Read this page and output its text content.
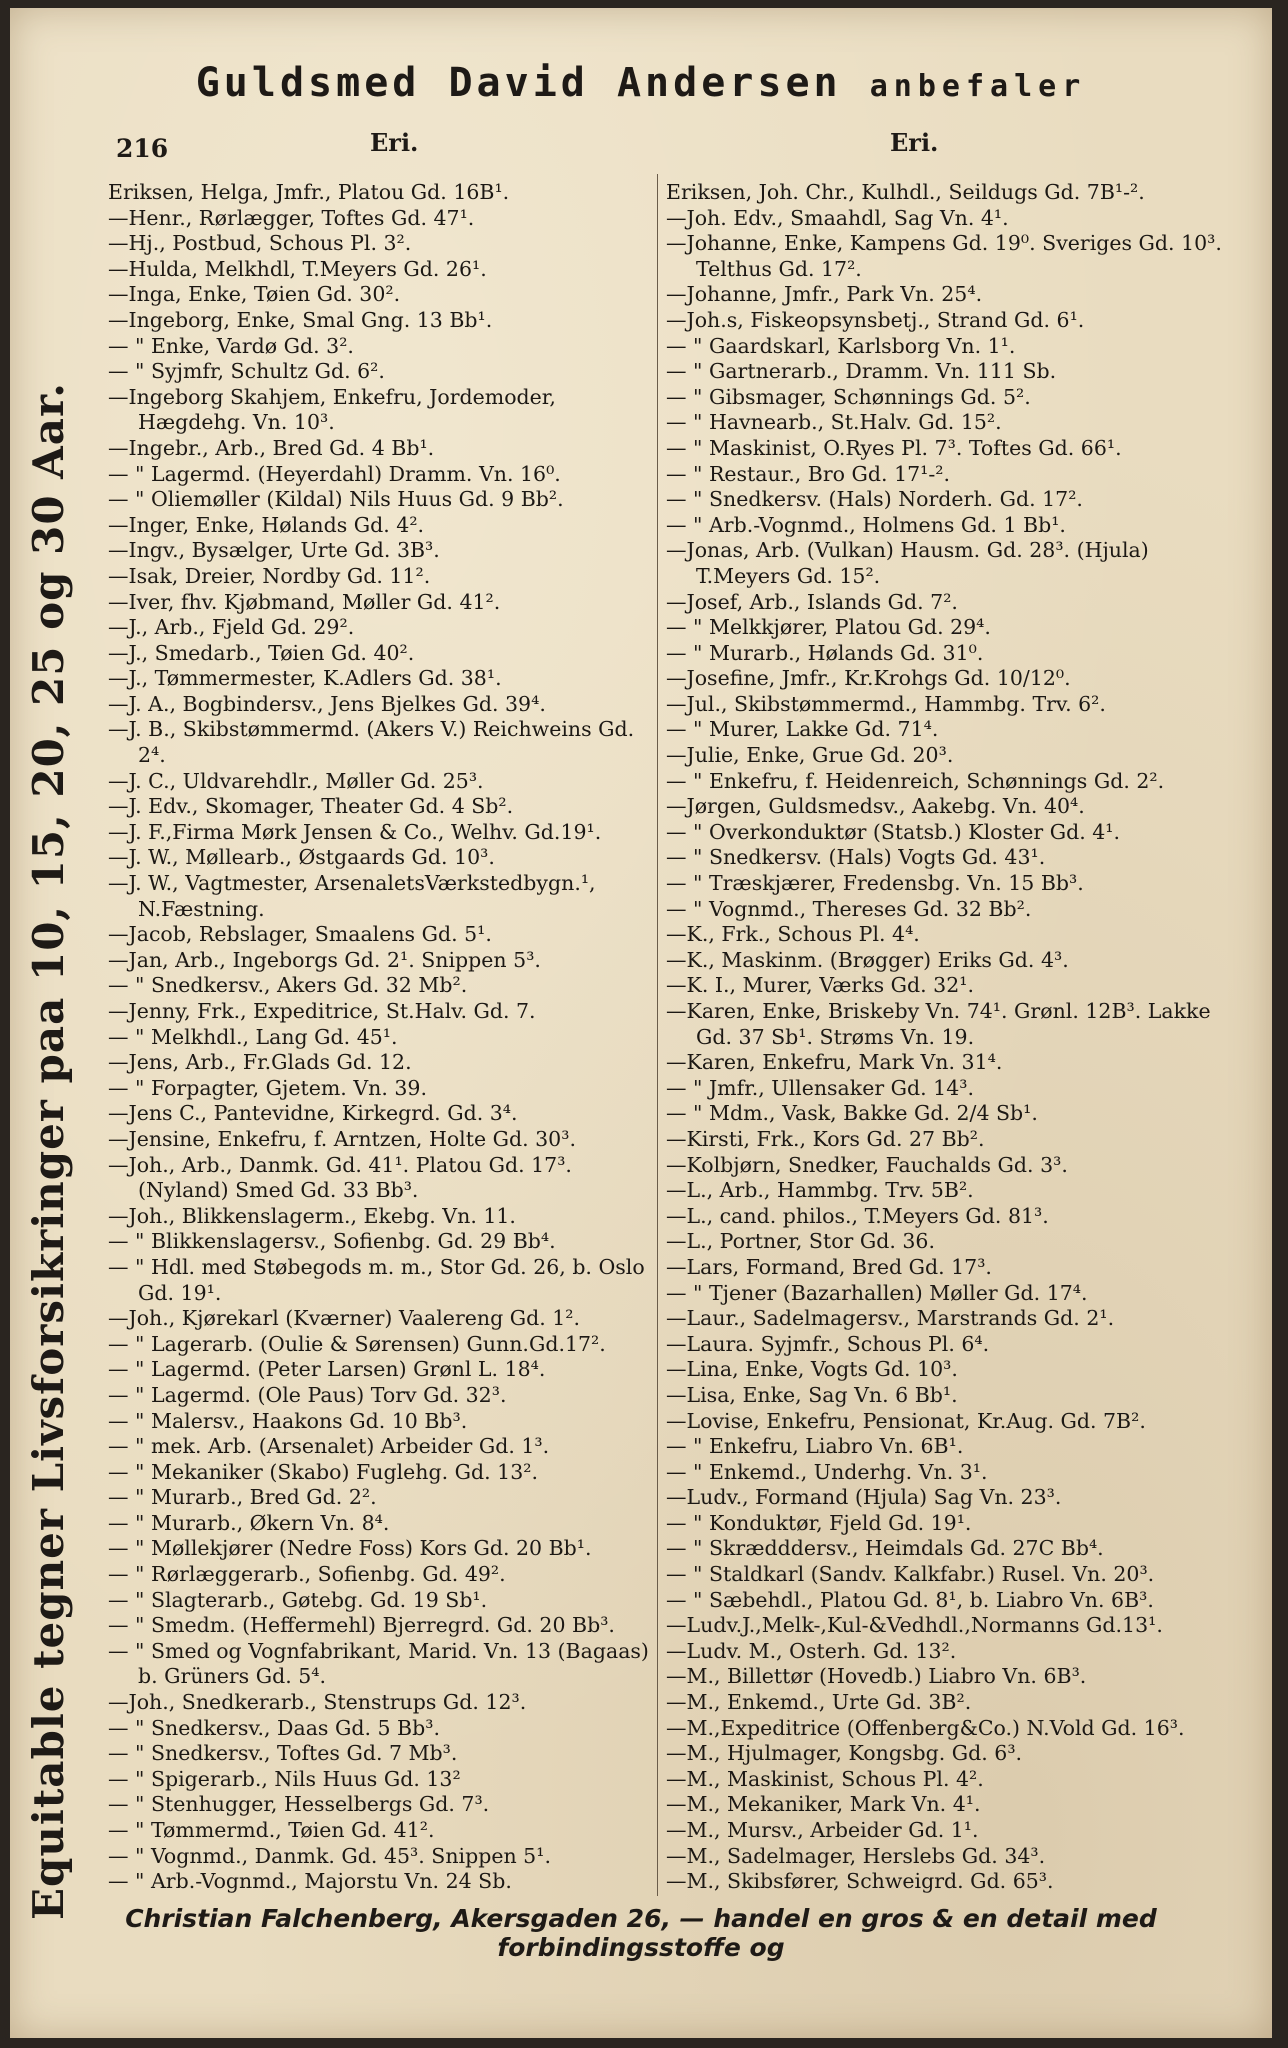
Guldsmed David Andersen anbefaler
216	Eri.	Eri.
Eriksen, Helga, Jmfr., Platou Gd. 16B¹.
—Henr., Rørlægger, Toftes Gd. 47¹.
—Hj., Postbud, Schous Pl. 3².
—Hulda, Melkhdl, T.Meyers Gd. 26¹.
—Inga, Enke, Tøien Gd. 30².
—Ingeborg, Enke, Smal Gng. 13 Bb¹.
— " Enke, Vardø Gd. 3².
— " Syjmfr, Schultz Gd. 6².
—Ingeborg Skahjem, Enkefru, Jordemoder, Hægdehg. Vn. 10³.
—Ingebr., Arb., Bred Gd. 4 Bb¹.
— " Lagermd. (Heyerdahl) Dramm. Vn. 16⁰.
— " Oliemøller (Kildal) Nils Huus Gd. 9 Bb².
—Inger, Enke, Hølands Gd. 4².
—Ingv., Bysælger, Urte Gd. 3B³.
—Isak, Dreier, Nordby Gd. 11².
—Iver, fhv. Kjøbmand, Møller Gd. 41².
—J., Arb., Fjeld Gd. 29².
—J., Smedarb., Tøien Gd. 40².
—J., Tømmermester, K.Adlers Gd. 38¹.
—J. A., Bogbindersv., Jens Bjelkes Gd. 39⁴.
—J. B., Skibstømmermd. (Akers V.) Reichweins Gd. 2⁴.
—J. C., Uldvarehdlr., Møller Gd. 25³.
—J. Edv., Skomager, Theater Gd. 4 Sb².
—J. F.,Firma Mørk Jensen & Co., Welhv. Gd.19¹.
—J. W., Møllearb., Østgaards Gd. 10³.
—J. W., Vagtmester, ArsenaletsVærkstedbygn.¹, N.Fæstning.
—Jacob, Rebslager, Smaalens Gd. 5¹.
—Jan, Arb., Ingeborgs Gd. 2¹. Snippen 5³.
— " Snedkersv., Akers Gd. 32 Mb².
—Jenny, Frk., Expeditrice, St.Halv. Gd. 7.
— " Melkhdl., Lang Gd. 45¹.
—Jens, Arb., Fr.Glads Gd. 12.
— " Forpagter, Gjetem. Vn. 39.
—Jens C., Pantevidne, Kirkegrd. Gd. 3⁴.
—Jensine, Enkefru, f. Arntzen, Holte Gd. 30³.
—Joh., Arb., Danmk. Gd. 41¹. Platou Gd. 17³. (Nyland) Smed Gd. 33 Bb³.
—Joh., Blikkenslagerm., Ekebg. Vn. 11.
— " Blikkenslagersv., Sofienbg. Gd. 29 Bb⁴.
— " Hdl. med Støbegods m. m., Stor Gd. 26, b. Oslo Gd. 19¹.
—Joh., Kjørekarl (Kværner) Vaalereng Gd. 1².
— " Lagerarb. (Oulie & Sørensen) Gunn.Gd.17².
— " Lagermd. (Peter Larsen) Grønl L. 18⁴.
— " Lagermd. (Ole Paus) Torv Gd. 32³.
— " Malersv., Haakons Gd. 10 Bb³.
— " mek. Arb. (Arsenalet) Arbeider Gd. 1³.
— " Mekaniker (Skabo) Fuglehg. Gd. 13².
— " Murarb., Bred Gd. 2².
— " Murarb., Økern Vn. 8⁴.
— " Møllekjører (Nedre Foss) Kors Gd. 20 Bb¹.
— " Rørlæggerarb., Sofienbg. Gd. 49².
— " Slagterarb., Gøtebg. Gd. 19 Sb¹.
— " Smedm. (Heffermehl) Bjerregrd. Gd. 20 Bb³.
— " Smed og Vognfabrikant, Marid. Vn. 13 (Bagaas) b. Grüners Gd. 5⁴.
—Joh., Snedkerarb., Stenstrups Gd. 12³.
— " Snedkersv., Daas Gd. 5 Bb³.
— " Snedkersv., Toftes Gd. 7 Mb³.
— " Spigerarb., Nils Huus Gd. 13²
— " Stenhugger, Hesselbergs Gd. 7³.
— " Tømmermd., Tøien Gd. 41².
— " Vognmd., Danmk. Gd. 45³. Snippen 5¹.
— " Arb.-Vognmd., Majorstu Vn. 24 Sb.
Eriksen, Joh. Chr., Kulhdl., Seildugs Gd. 7B¹-².
—Joh. Edv., Smaahdl, Sag Vn. 4¹.
—Johanne, Enke, Kampens Gd. 19⁰. Sveriges Gd. 10³. Telthus Gd. 17².
—Johanne, Jmfr., Park Vn. 25⁴.
—Joh.s, Fiskeopsynsbetj., Strand Gd. 6¹.
— " Gaardskarl, Karlsborg Vn. 1¹.
— " Gartnerarb., Dramm. Vn. 111 Sb.
— " Gibsmager, Schønnings Gd. 5².
— " Havnearb., St.Halv. Gd. 15².
— " Maskinist, O.Ryes Pl. 7³. Toftes Gd. 66¹.
— " Restaur., Bro Gd. 17¹-².
— " Snedkersv. (Hals) Norderh. Gd. 17².
— " Arb.-Vognmd., Holmens Gd. 1 Bb¹.
—Jonas, Arb. (Vulkan) Hausm. Gd. 28³. (Hjula) T.Meyers Gd. 15².
—Josef, Arb., Islands Gd. 7².
— " Melkkjører, Platou Gd. 29⁴.
— " Murarb., Hølands Gd. 31⁰.
—Josefine, Jmfr., Kr.Krohgs Gd. 10/12⁰.
—Jul., Skibstømmermd., Hammbg. Trv. 6².
— " Murer, Lakke Gd. 71⁴.
—Julie, Enke, Grue Gd. 20³.
— " Enkefru, f. Heidenreich, Schønnings Gd. 2².
—Jørgen, Guldsmedsv., Aakebg. Vn. 40⁴.
— " Overkonduktør (Statsb.) Kloster Gd. 4¹.
— " Snedkersv. (Hals) Vogts Gd. 43¹.
— " Træskjærer, Fredensbg. Vn. 15 Bb³.
— " Vognmd., Thereses Gd. 32 Bb².
—K., Frk., Schous Pl. 4⁴.
—K., Maskinm. (Brøgger) Eriks Gd. 4³.
—K. I., Murer, Værks Gd. 32¹.
—Karen, Enke, Briskeby Vn. 74¹. Grønl. 12B³. Lakke Gd. 37 Sb¹. Strøms Vn. 19.
—Karen, Enkefru, Mark Vn. 31⁴.
— " Jmfr., Ullensaker Gd. 14³.
— " Mdm., Vask, Bakke Gd. 2/4 Sb¹.
—Kirsti, Frk., Kors Gd. 27 Bb².
—Kolbjørn, Snedker, Fauchalds Gd. 3³.
—L., Arb., Hammbg. Trv. 5B².
—L., cand. philos., T.Meyers Gd. 81³.
—L., Portner, Stor Gd. 36.
—Lars, Formand, Bred Gd. 17³.
— " Tjener (Bazarhallen) Møller Gd. 17⁴.
—Laur., Sadelmagersv., Marstrands Gd. 2¹.
—Laura. Syjmfr., Schous Pl. 6⁴.
—Lina, Enke, Vogts Gd. 10³.
—Lisa, Enke, Sag Vn. 6 Bb¹.
—Lovise, Enkefru, Pensionat, Kr.Aug. Gd. 7B².
— " Enkefru, Liabro Vn. 6B¹.
— " Enkemd., Underhg. Vn. 3¹.
—Ludv., Formand (Hjula) Sag Vn. 23³.
— " Konduktør, Fjeld Gd. 19¹.
— " Skrædddersv., Heimdals Gd. 27C Bb⁴.
— " Staldkarl (Sandv. Kalkfabr.) Rusel. Vn. 20³.
— " Sæbehdl., Platou Gd. 8¹, b. Liabro Vn. 6B³.
—Ludv.J.,Melk-,Kul-&Vedhdl.,Normanns Gd.13¹.
—Ludv. M., Osterh. Gd. 13².
—M., Billettør (Hovedb.) Liabro Vn. 6B³.
—M., Enkemd., Urte Gd. 3B².
—M.,Expeditrice (Offenberg&Co.) N.Vold Gd. 16³.
—M., Hjulmager, Kongsbg. Gd. 6³.
—M., Maskinist, Schous Pl. 4².
—M., Mekaniker, Mark Vn. 4¹.
—M., Mursv., Arbeider Gd. 1¹.
—M., Sadelmager, Herslebs Gd. 34³.
—M., Skibsfører, Schweigrd. Gd. 65³.
Christian Falchenberg, Akersgaden 26, — handel en gros & en detail med forbindingsstoffe og
Equitable tegner Livsforsikringer paa 10, 15, 20, 25 og 30 Aar.
